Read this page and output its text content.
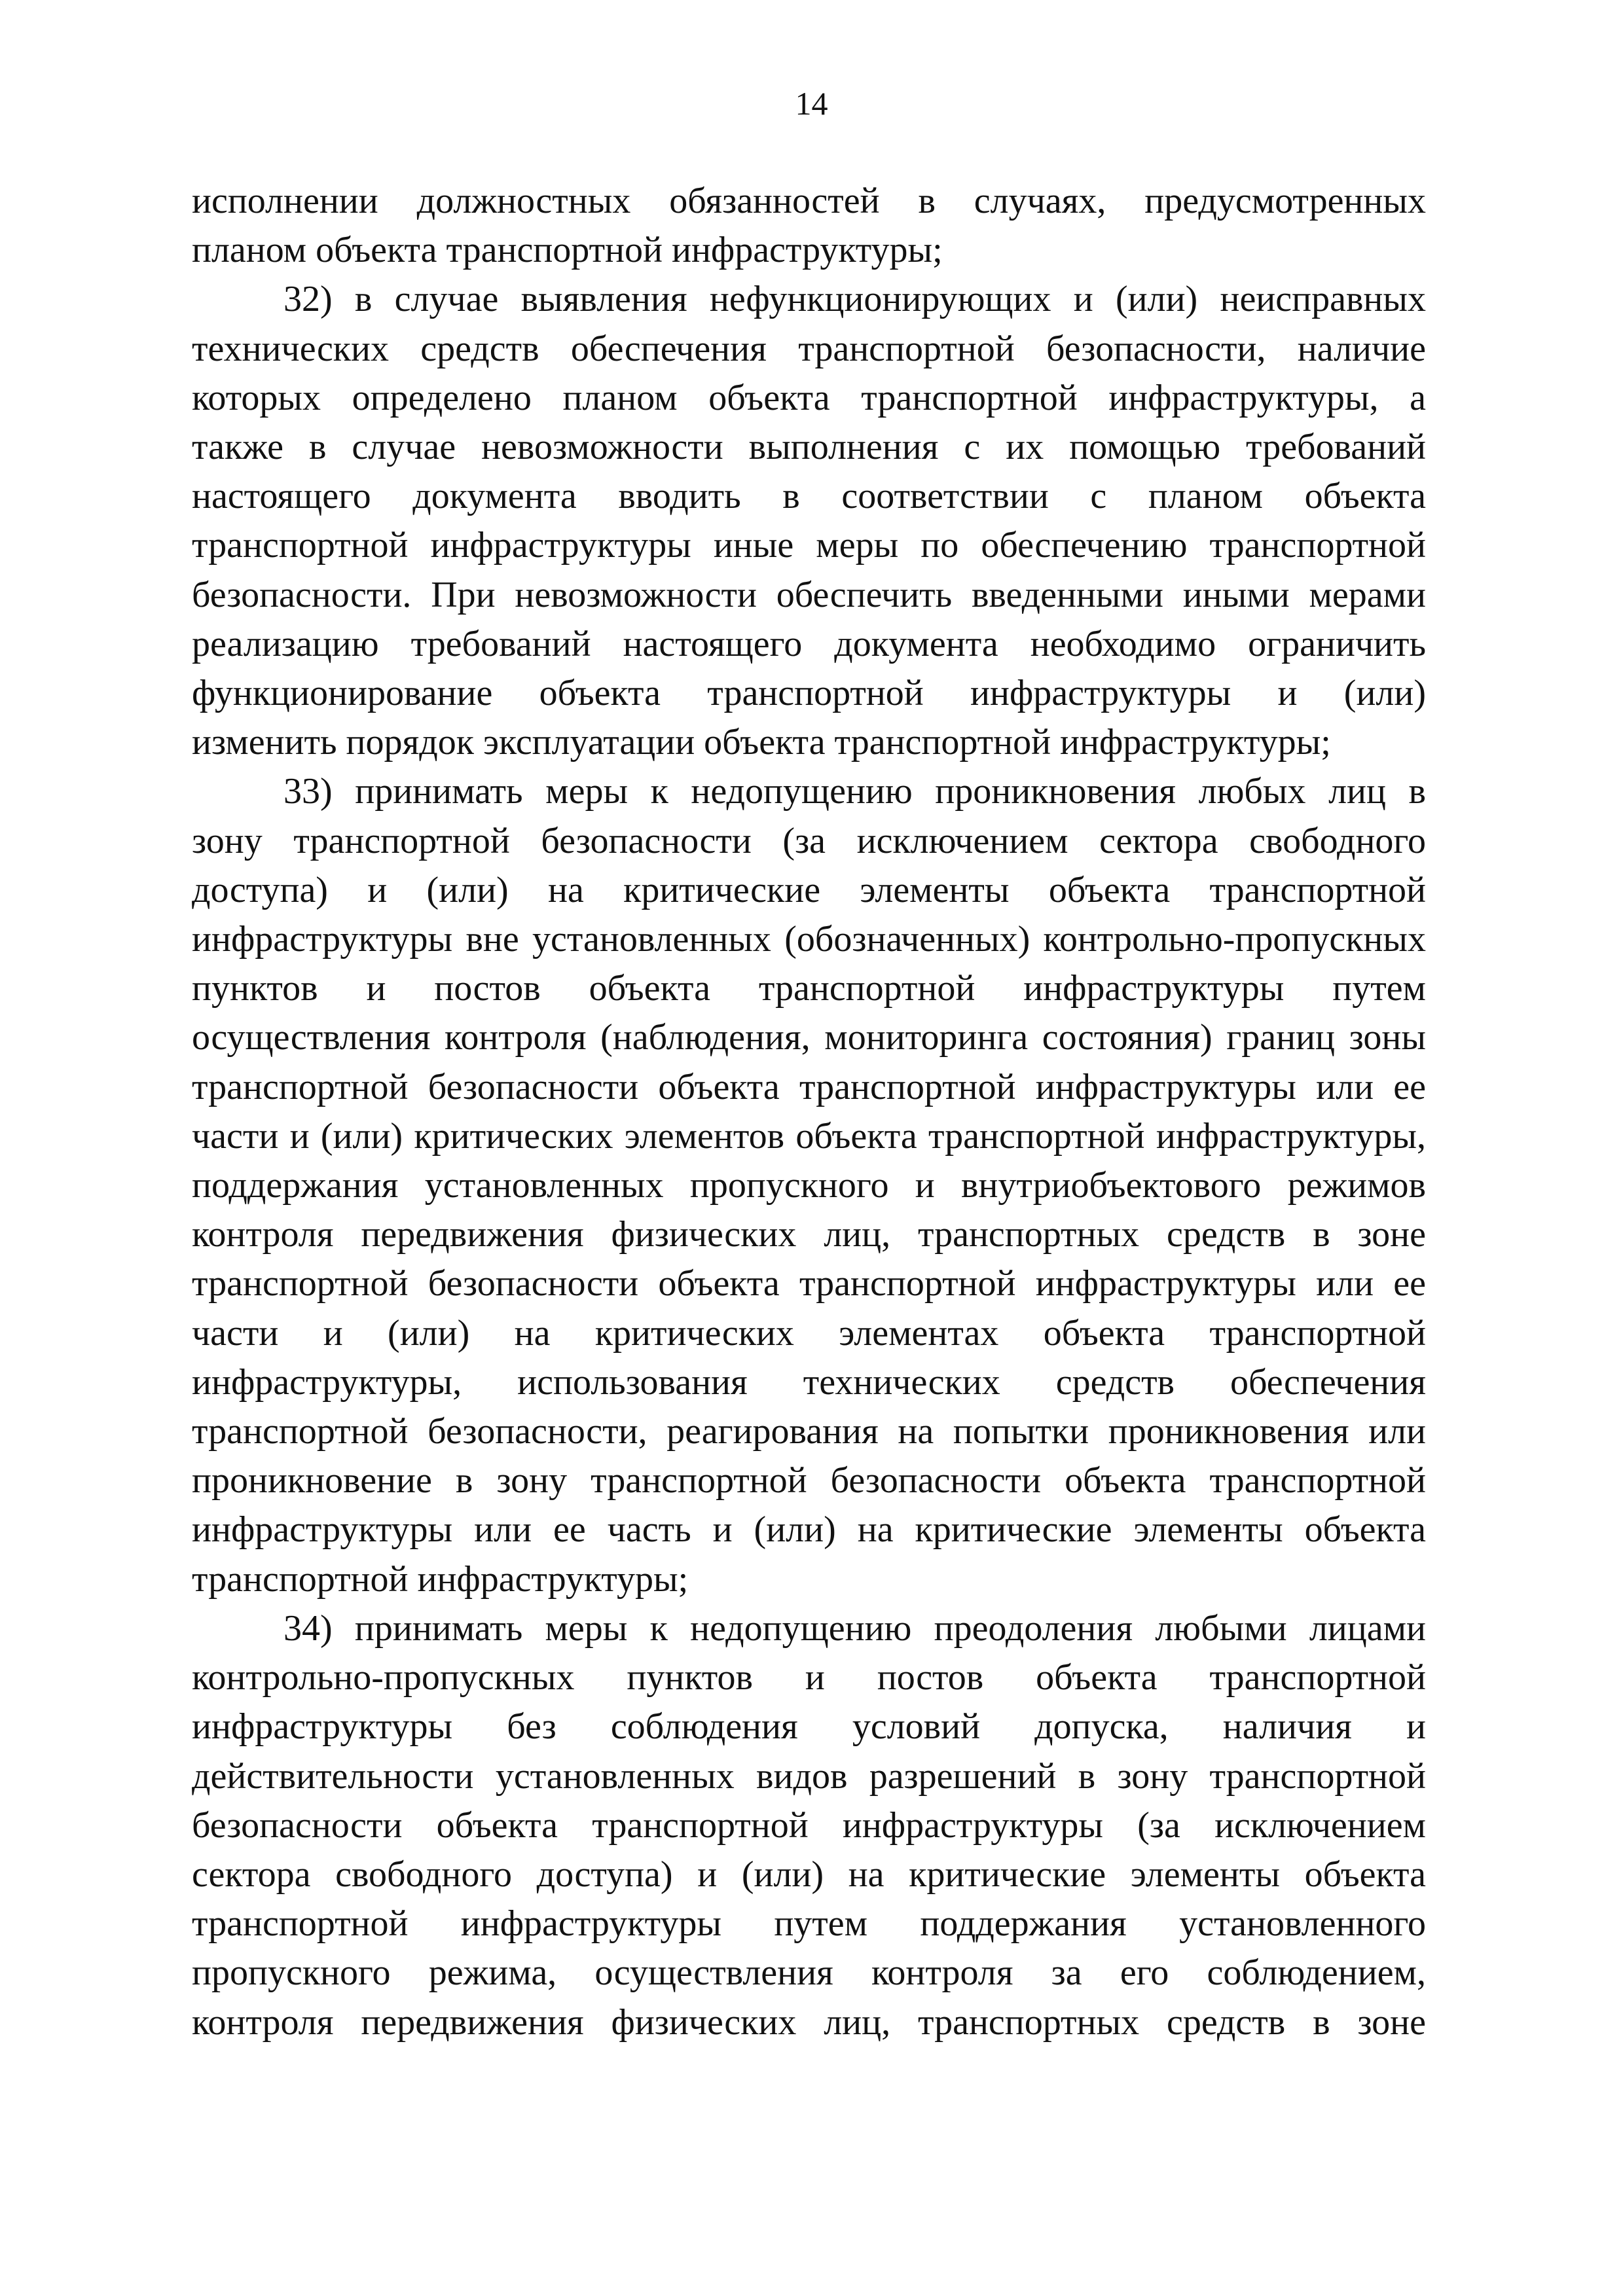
14

исполнении должностных обязанностей в случаях, предусмотренных
планом объекта транспортной инфраструктуры;

32) в случае выявления нефункционирующих и (или) неисправных
технических средств обеспечения транспортной безопасности, наличие
которых определено планом объекта транспортной инфраструктуры, а
также в случае невозможности выполнения с их помощью требований
настоящего документа вводить в соответствии с планом объекта
транспортной инфраструктуры иные меры по обеспечению транспортной
безопасности. При невозможности обеспечить введенными иными мерами
реализацию требований настоящего документа необходимо ограничить
функционирование объекта транспортной инфраструктуры и (или)
изменить порядок эксплуатации объекта транспортной инфраструктуры;

33) принимать меры к недопущению проникновения любых лиц в
зону транспортной безопасности (за исключением сектора свободного
доступа) и (или) на критические элементы объекта транспортной
инфраструктуры вне установленных (обозначенных) контрольно-пропускных
пунктов и постов объекта транспортной инфраструктуры путем
осуществления контроля (наблюдения, мониторинга состояния) границ зоны
транспортной безопасности объекта транспортной инфраструктуры или ее
части и (или) критических элементов объекта транспортной инфраструктуры,
поддержания установленных пропускного и внутриобъектового режимов
контроля передвижения физических лиц, транспортных средств в зоне
транспортной безопасности объекта транспортной инфраструктуры или ее
части и (или) на критических элементах объекта транспортной
инфраструктуры, использования технических средств обеспечения
транспортной безопасности, реагирования на попытки проникновения или
проникновение в зону транспортной безопасности объекта транспортной
инфраструктуры или ее часть и (или) на критические элементы объекта
транспортной инфраструктуры;

34) принимать меры к недопущению преодоления любыми лицами
контрольно-пропускных пунктов и постов объекта транспортной
инфраструктуры без соблюдения условий допуска, наличия и
действительности установленных видов разрешений в зону транспортной
безопасности объекта транспортной инфраструктуры (за исключением
сектора свободного доступа) и (или) на критические элементы объекта
транспортной инфраструктуры путем поддержания установленного
пропускного режима, осуществления контроля за его соблюдением,
контроля передвижения физических лиц, транспортных средств в зоне
